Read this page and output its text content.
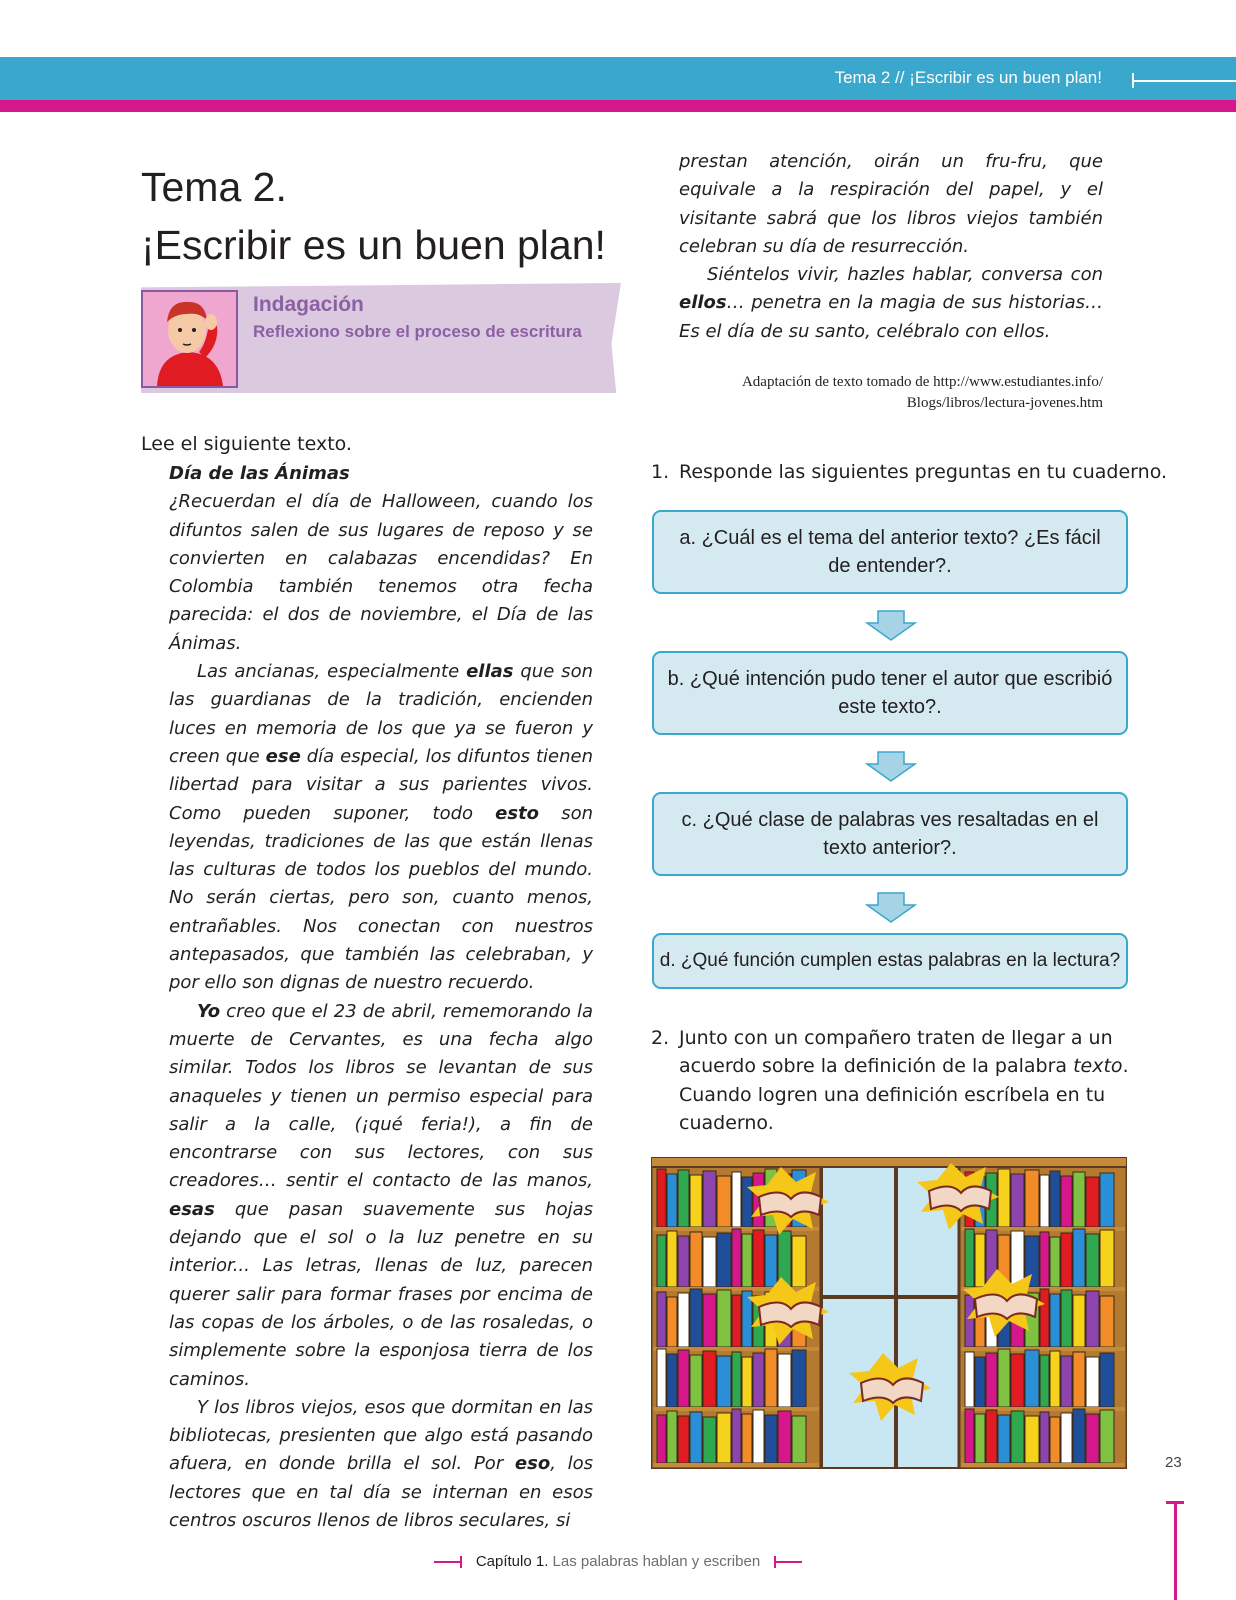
Tema 2 // ¡Escribir es un buen plan!
Tema 2.
¡Escribir es un buen plan!
Indagación
Reflexiono sobre el proceso de escritura
Lee el siguiente texto.

Día de las Ánimas

¿Recuerdan el día de Halloween, cuando los difuntos salen de sus lugares de reposo y se convierten en calabazas encendidas? En Colombia también tenemos otra fecha parecida: el dos de noviembre, el Día de las Ánimas.

Las ancianas, especialmente ellas que son las guardianas de la tradición, encienden luces en memoria de los que ya se fueron y creen que ese día especial, los difuntos tienen libertad para visitar a sus parientes vivos. Como pueden suponer, todo esto son leyendas, tradiciones de las que están llenas las culturas de todos los pueblos del mundo. No serán ciertas, pero son, cuanto menos, entrañables. Nos conectan con nuestros antepasados, que también las celebraban, y por ello son dignas de nuestro recuerdo.

Yo creo que el 23 de abril, rememorando la muerte de Cervantes, es una fecha algo similar. Todos los libros se levantan de sus anaqueles y tienen un permiso especial para salir a la calle, (¡qué feria!), a fin de encontrarse con sus lectores, con sus creadores… sentir el contacto de las manos, esas que pasan suavemente sus hojas dejando que el sol o la luz penetre en su interior... Las letras, llenas de luz, parecen querer salir para formar frases por encima de las copas de los árboles, o de las rosaledas, o simplemente sobre la esponjosa tierra de los caminos.

Y los libros viejos, esos que dormitan en las bibliotecas, presienten que algo está pasando afuera, en donde brilla el sol. Por eso, los lectores que en tal día se internan en esos centros oscuros llenos de libros seculares, si

prestan atención, oirán un fru-fru, que equivale a la respiración del papel, y el visitante sabrá que los libros viejos también celebran su día de resurrección.

Siéntelos vivir, hazles hablar, conversa con ellos… penetra en la magia de sus historias… Es el día de su santo, celébralo con ellos.

Adaptación de texto tomado de http://www.estudiantes.info/
Blogs/libros/lectura-jovenes.htm
1. Responde las siguientes preguntas en tu cuaderno.
a. ¿Cuál es el tema del anterior texto? ¿Es fácil de entender?.
b. ¿Qué intención pudo tener el autor que escribió este texto?.
c. ¿Qué clase de palabras ves resaltadas en el texto anterior?.
d. ¿Qué función cumplen estas palabras en la lectura?
2. Junto con un compañero traten de llegar a un acuerdo sobre la definición de la palabra texto. Cuando logren una definición escríbela en tu cuaderno.
23
Capítulo 1. Las palabras hablan y escriben
